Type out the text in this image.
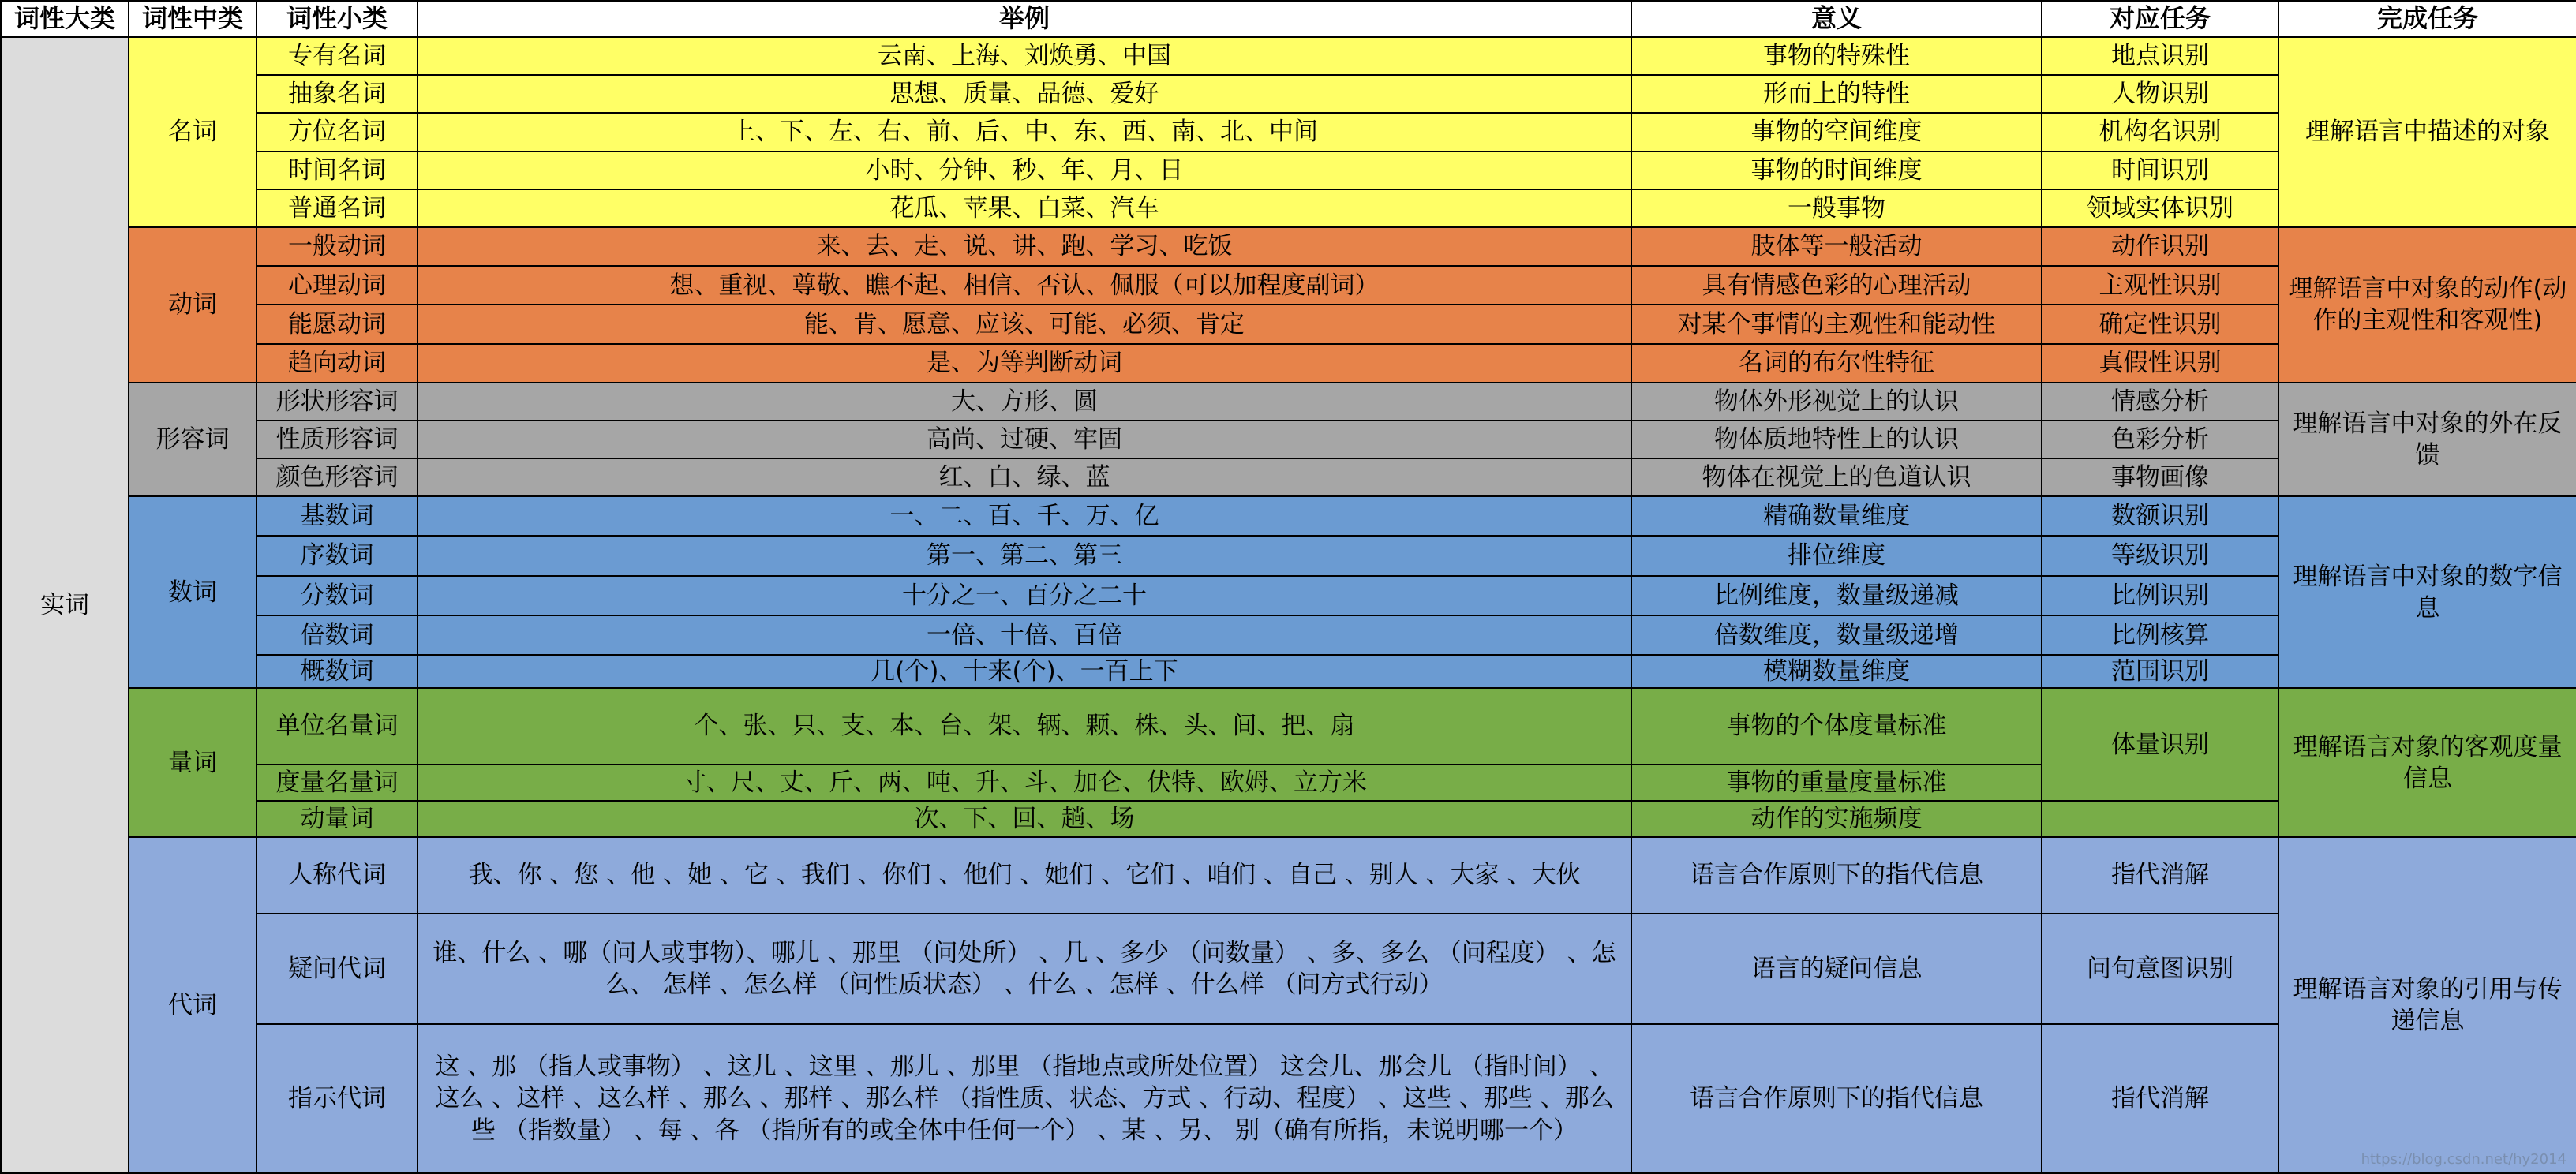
词性大类	词性中类	词性小类	举例	意义	对应任务	完成任务
实词	名词	专有名词	云南、上海、刘焕勇、中国	事物的特殊性	地点识别	理解语言中描述的对象
		抽象名词	思想、质量、品德、爱好	形而上的特性	人物识别	
		方位名词	上、下、左、右、前、后、中、东、西、南、北、中间	事物的空间维度	机构名识别	
		时间名词	小时、分钟、秒、年、月、日	事物的时间维度	时间识别	
		普通名词	花瓜、苹果、白菜、汽车	一般事物	领域实体识别	
	动词	一般动词	来、去、走、说、讲、跑、学习、吃饭	肢体等一般活动	动作识别	理解语言中对象的动作(动作的主观性和客观性)
		心理动词	想、重视、尊敬、瞧不起、相信、否认、佩服（可以加程度副词）	具有情感色彩的心理活动	主观性识别	
		能愿动词	能、肯、愿意、应该、可能、必须、肯定	对某个事情的主观性和能动性	确定性识别	
		趋向动词	是、为等判断动词	名词的布尔性特征	真假性识别	
	形容词	形状形容词	大、方形、圆	物体外形视觉上的认识	情感分析	理解语言中对象的外在反馈
		性质形容词	高尚、过硬、牢固	物体质地特性上的认识	色彩分析	
		颜色形容词	红、白、绿、蓝	物体在视觉上的色道认识	事物画像	
	数词	基数词	一、二、百、千、万、亿	精确数量维度	数额识别	理解语言中对象的数字信息
		序数词	第一、第二、第三	排位维度	等级识别	
		分数词	十分之一、百分之二十	比例维度，数量级递减	比例识别	
		倍数词	一倍、十倍、百倍	倍数维度，数量级递增	比例核算	
		概数词	几(个)、十来(个)、一百上下	模糊数量维度	范围识别	
	量词	单位名量词	个、张、只、支、本、台、架、辆、颗、株、头、间、把、扇	事物的个体度量标准	体量识别	理解语言对象的客观度量信息
		度量名量词	寸、尺、丈、斤、两、吨、升、斗、加仑、伏特、欧姆、立方米	事物的重量度量标准		
		动量词	次、下、回、趟、场	动作的实施频度		
	代词	人称代词	我、你 、您 、他 、她 、它 、我们 、你们 、他们 、她们 、它们 、咱们 、自己 、别人 、大家 、大伙	语言合作原则下的指代信息	指代消解	理解语言对象的引用与传递信息
		疑问代词	谁、什么 、哪（问人或事物）、哪儿 、那里 （问处所） 、几 、多少 （问数量） 、多、多么 （问程度） 、怎么、 怎样 、怎么样 （问性质状态） 、什么 、怎样 、什么样 （问方式行动）	语言的疑问信息	问句意图识别	
		指示代词	这 、那 （指人或事物） 、这儿 、这里 、那儿 、那里 （指地点或所处位置） 这会儿、那会儿 （指时间） 、这么 、这样 、这么样 、那么 、那样 、那么样 （指性质、状态、方式 、行动、程度） 、这些 、那些 、那么些 （指数量） 、每 、各 （指所有的或全体中任何一个） 、某 、另、 别（确有所指，未说明哪一个）	语言合作原则下的指代信息	指代消解	
https://blog.csdn.net/hy2014
